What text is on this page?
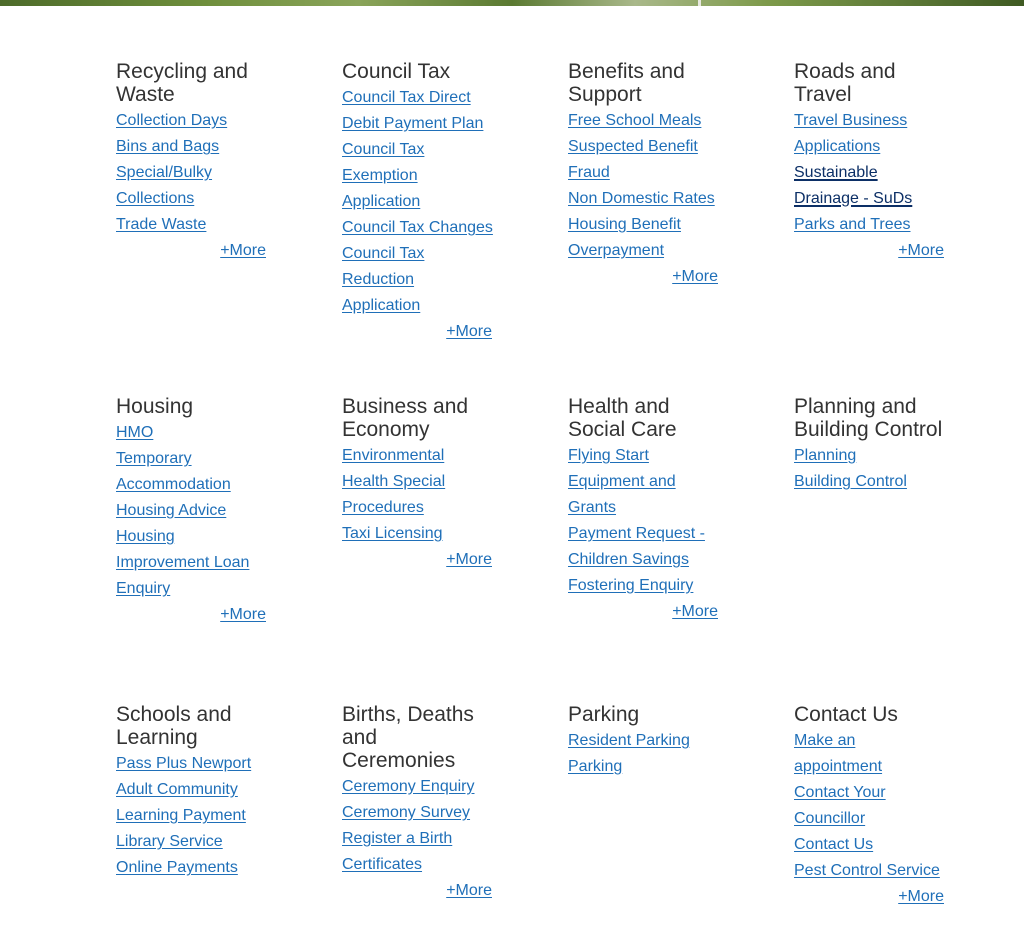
Recycling and Waste
Collection Days
Bins and Bags
Special/Bulky Collections
Trade Waste
+More
Council Tax
Council Tax Direct Debit Payment Plan
Council Tax Exemption Application
Council Tax Changes
Council Tax Reduction Application
+More
Benefits and Support
Free School Meals
Suspected Benefit Fraud
Non Domestic Rates
Housing Benefit Overpayment
+More
Roads and Travel
Travel Business Applications
Sustainable Drainage - SuDs
Parks and Trees
+More
Housing
HMO
Temporary Accommodation
Housing Advice
Housing Improvement Loan Enquiry
+More
Business and Economy
Environmental Health Special Procedures
Taxi Licensing
+More
Health and Social Care
Flying Start Equipment and Grants
Payment Request - Children Savings
Fostering Enquiry
+More
Planning and Building Control
Planning
Building Control
Schools and Learning
Pass Plus Newport
Adult Community Learning Payment
Library Service
Online Payments
Births, Deaths and Ceremonies
Ceremony Enquiry
Ceremony Survey
Register a Birth
Certificates
+More
Parking
Resident Parking
Parking
Contact Us
Make an appointment
Contact Your Councillor
Contact Us
Pest Control Service
+More
